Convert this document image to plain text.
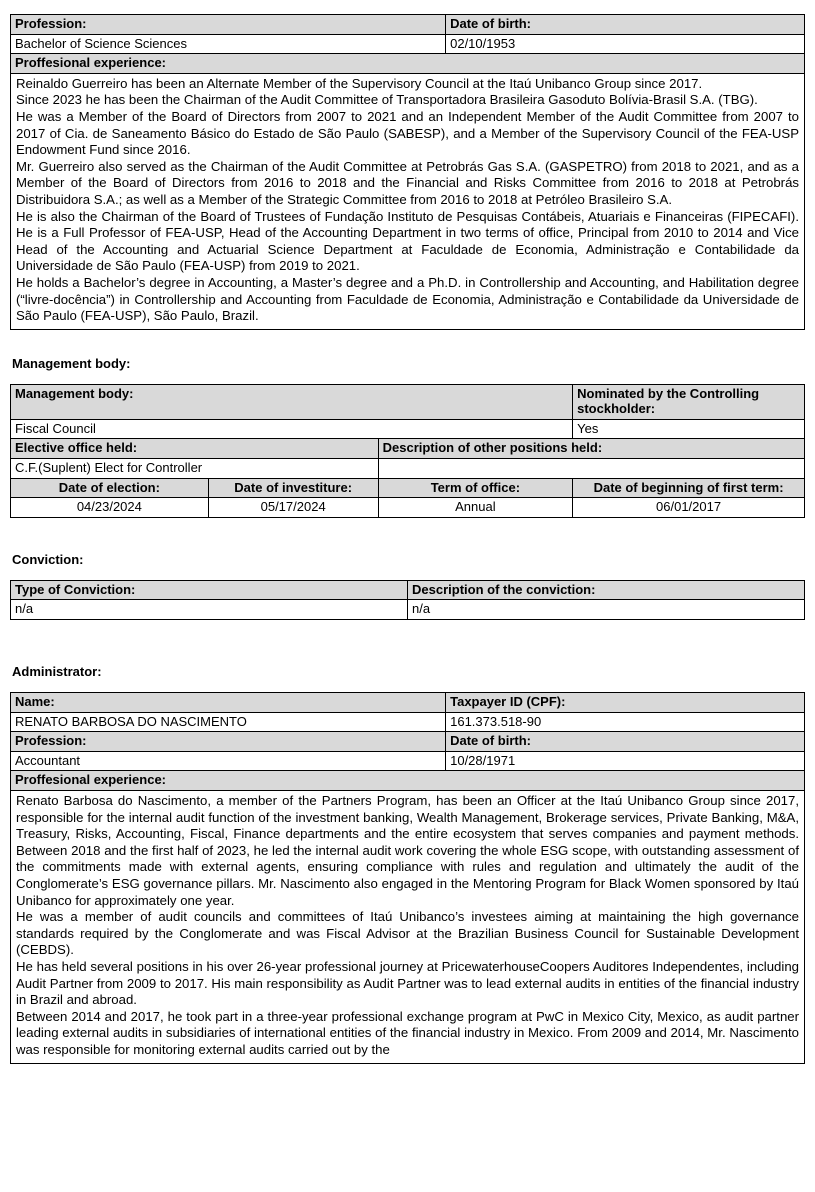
Profession:	Date of birth:
Bachelor of Science Sciences	02/10/1953
Proffesional experience:	

Reinaldo Guerreiro has been an Alternate Member of the Supervisory Council at the Itaú Unibanco Group since 2017.
Since 2023 he has been the Chairman of the Audit Committee of Transportadora Brasileira Gasoduto Bolívia-Brasil S.A. (TBG).
He was a Member of the Board of Directors from 2007 to 2021 and an Independent Member of the Audit Committee from 2007 to 2017 of Cia. de Saneamento Básico do Estado de São Paulo (SABESP), and a Member of the Supervisory Council of the FEA-USP Endowment Fund since 2016.
Mr. Guerreiro also served as the Chairman of the Audit Committee at Petrobrás Gas S.A. (GASPETRO) from 2018 to 2021, and as a Member of the Board of Directors from 2016 to 2018 and the Financial and Risks Committee from 2016 to 2018 at Petrobrás Distribuidora S.A.; as well as a Member of the Strategic Committee from 2016 to 2018 at Petróleo Brasileiro S.A.
He is also the Chairman of the Board of Trustees of Fundação Instituto de Pesquisas Contábeis, Atuariais e Financeiras (FIPECAFI). He is a Full Professor of FEA-USP, Head of the Accounting Department in two terms of office, Principal from 2010 to 2014 and Vice Head of the Accounting and Actuarial Science Department at Faculdade de Economia, Administração e Contabilidade da Universidade de São Paulo (FEA-USP) from 2019 to 2021.
He holds a Bachelor’s degree in Accounting, a Master’s degree and a Ph.D. in Controllership and Accounting, and Habilitation degree (“livre-docência”) in Controllership and Accounting from Faculdade de Economia, Administração e Contabilidade da Universidade de São Paulo (FEA-USP), São Paulo, Brazil.
Management body:
Management body:			Nominated by the Controlling stockholder:
Fiscal Council			Yes
Elective office held:		Description of other positions held:	
C.F.(Suplent) Elect for Controller			
Date of election:	Date of investiture:	Term of office:	Date of beginning of first term:
04/23/2024	05/17/2024	Annual	06/01/2017
Conviction:
Type of Conviction:	Description of the conviction:
n/a	n/a
Administrator:
Name:	Taxpayer ID (CPF):
RENATO BARBOSA DO NASCIMENTO	161.373.518-90
Profession:	Date of birth:
Accountant	10/28/1971
Proffesional experience:	

Renato Barbosa do Nascimento, a member of the Partners Program, has been an Officer at the Itaú Unibanco Group since 2017, responsible for the internal audit function of the investment banking, Wealth Management, Brokerage services, Private Banking, M&A, Treasury, Risks, Accounting, Fiscal, Finance departments and the entire ecosystem that serves companies and payment methods. Between 2018 and the first half of 2023, he led the internal audit work covering the whole ESG scope, with outstanding assessment of the commitments made with external agents, ensuring compliance with rules and regulation and ultimately the audit of the Conglomerate’s ESG governance pillars. Mr. Nascimento also engaged in the Mentoring Program for Black Women sponsored by Itaú Unibanco for approximately one year.
He was a member of audit councils and committees of Itaú Unibanco’s investees aiming at maintaining the high governance standards required by the Conglomerate and was Fiscal Advisor at the Brazilian Business Council for Sustainable Development (CEBDS).
He has held several positions in his over 26-year professional journey at PricewaterhouseCoopers Auditores Independentes, including Audit Partner from 2009 to 2017. His main responsibility as Audit Partner was to lead external audits in entities of the financial industry in Brazil and abroad.
Between 2014 and 2017, he took part in a three-year professional exchange program at PwC in Mexico City, Mexico, as audit partner leading external audits in subsidiaries of international entities of the financial industry in Mexico. From 2009 and 2014, Mr. Nascimento was responsible for monitoring external audits carried out by the	
